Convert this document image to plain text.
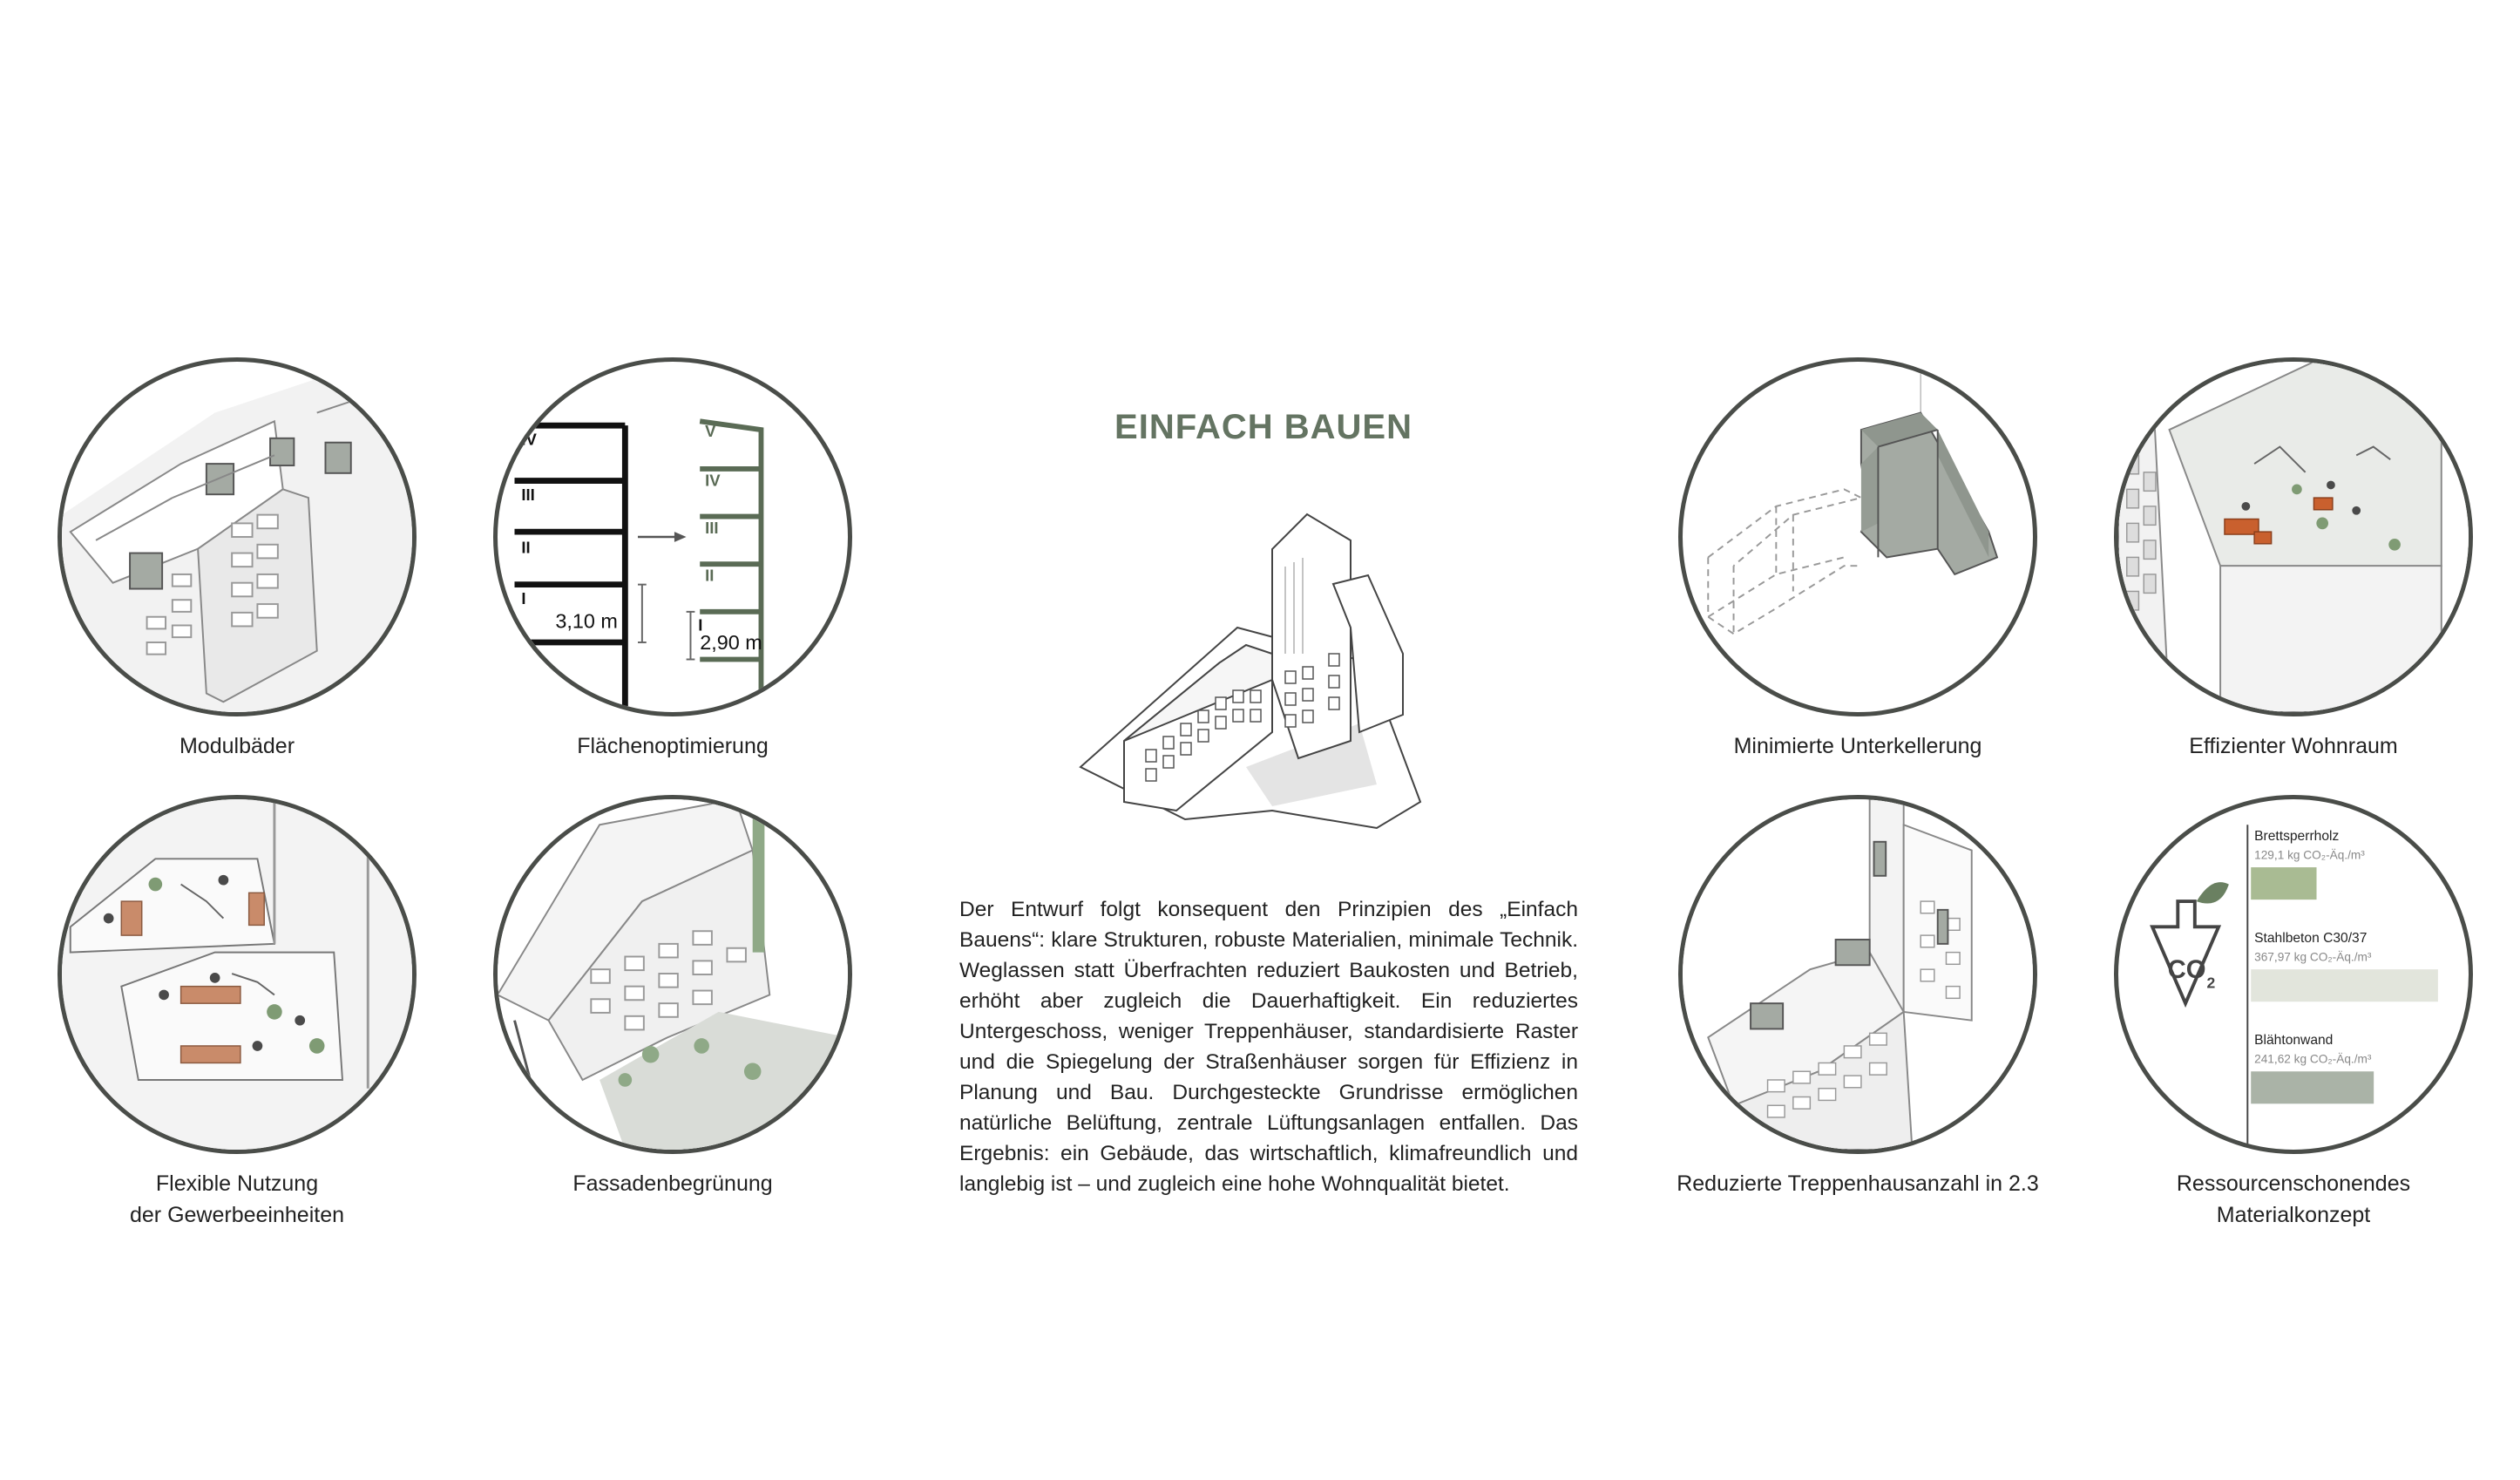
EINFACH BAUEN
Modulbäder
IV
III
II
I
3,10 m
V
IV
III
II
I
2,90 m
Flächenoptimierung
Flexible Nutzung
der Gewerbeeinheiten
Fassadenbegrünung
Der Entwurf folgt konsequent den Prinzipien des „Einfach Bauens“: klare Strukturen, robuste Materialien, minimale Technik. Weglassen statt Überfrachten reduziert Baukosten und Betrieb, erhöht aber zugleich die Dauerhaftigkeit. Ein reduziertes Untergeschoss, weniger Treppenhäuser, standardisierte Raster und die Spiegelung der Straßenhäuser sorgen für Effizienz in Planung und Bau. Durchgesteckte Grundrisse ermöglichen natürliche Belüftung, zentrale Lüftungsanlagen entfallen. Das Ergebnis: ein Gebäude, das wirtschaftlich, klimafreundlich und langlebig ist – und zugleich eine hohe Wohnqualität bietet.
Minimierte Unterkellerung	Effizienter Wohnraum
Reduzierte Treppenhausanzahl in 2.3
CO 2
Brettsperrholz
129,1 kg CO₂-Äq./m³
Stahlbeton C30/37
367,97 kg CO₂-Äq./m³
Blähtonwand
241,62 kg CO₂-Äq./m³
Ressourcenschonendes
Materialkonzept
